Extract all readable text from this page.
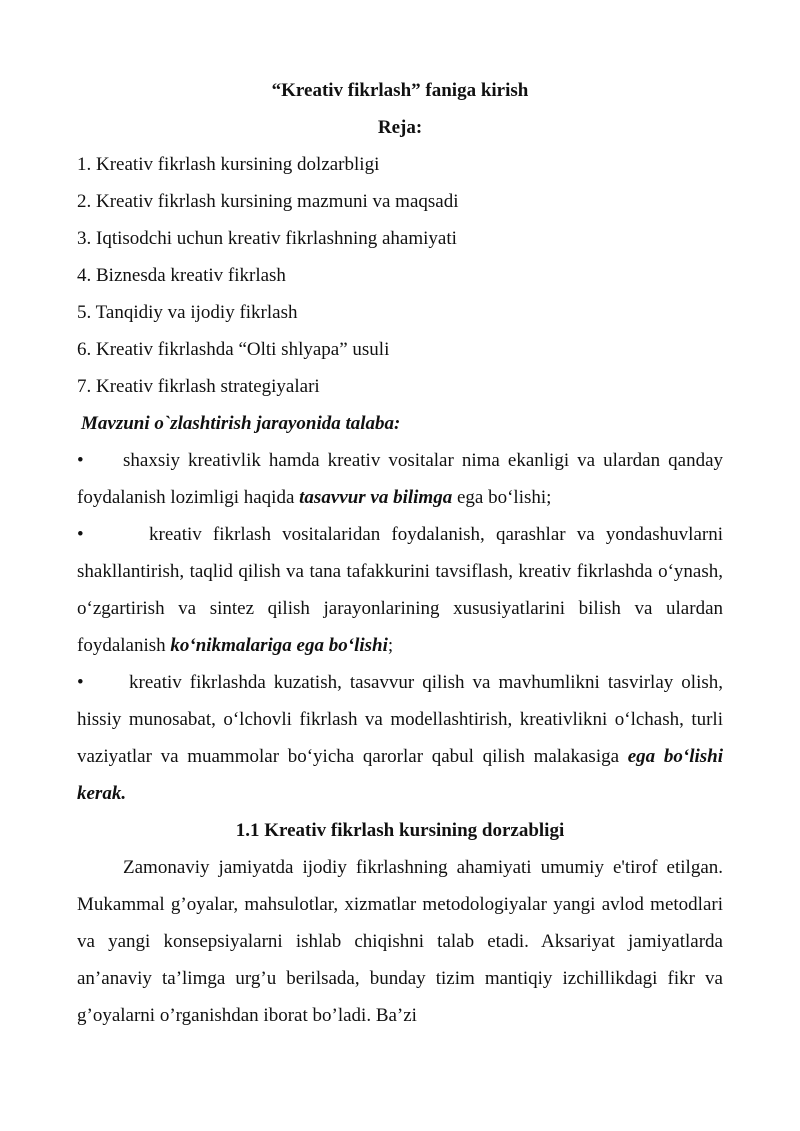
“Kreativ fikrlash” faniga kirish

Reja:

1. Kreativ fikrlash kursining dolzarbligi

2. Kreativ fikrlash kursining mazmuni va maqsadi

3. Iqtisodchi uchun kreativ fikrlashning ahamiyati

4. Biznesda kreativ fikrlash

5. Tanqidiy va ijodiy fikrlash

6. Kreativ fikrlashda “Olti shlyapa” usuli

7. Kreativ fikrlash strategiyalari

Mavzuni o`zlashtirish jarayonida talaba:

• shaxsiy kreativlik hamda kreativ vositalar nima ekanligi va ulardan qanday foydalanish lozimligi haqida tasavvur va bilimga ega bo‘lishi;

•	kreativ fikrlash vositalaridan foydalanish, qarashlar va yondashuvlarni shakllantirish, taqlid qilish va tana tafakkurini tavsiflash, kreativ fikrlashda o‘ynash, o‘zgartirish va sintez qilish jarayonlarining xususiyatlarini bilish va ulardan foydalanish ko‘nikmalariga ega bo‘lishi;

• kreativ fikrlashda kuzatish, tasavvur qilish va mavhumlikni tasvirlay olish, hissiy munosabat, o‘lchovli fikrlash va modellashtirish, kreativlikni o‘lchash, turli vaziyatlar va muammolar bo‘yicha qarorlar qabul qilish malakasiga ega bo‘lishi kerak.

1.1 Kreativ fikrlash kursining dorzabligi

Zamonaviy jamiyatda ijodiy fikrlashning ahamiyati umumiy e'tirof etilgan. Mukammal g’oyalar, mahsulotlar, xizmatlar metodologiyalar yangi avlod metodlari va yangi konsepsiyalarni ishlab chiqishni talab etadi. Aksariyat jamiyatlarda an’anaviy ta’limga urg’u berilsada, bunday tizim mantiqiy izchillikdagi fikr va g’oyalarni o’rganishdan iborat bo’ladi. Ba’zi
